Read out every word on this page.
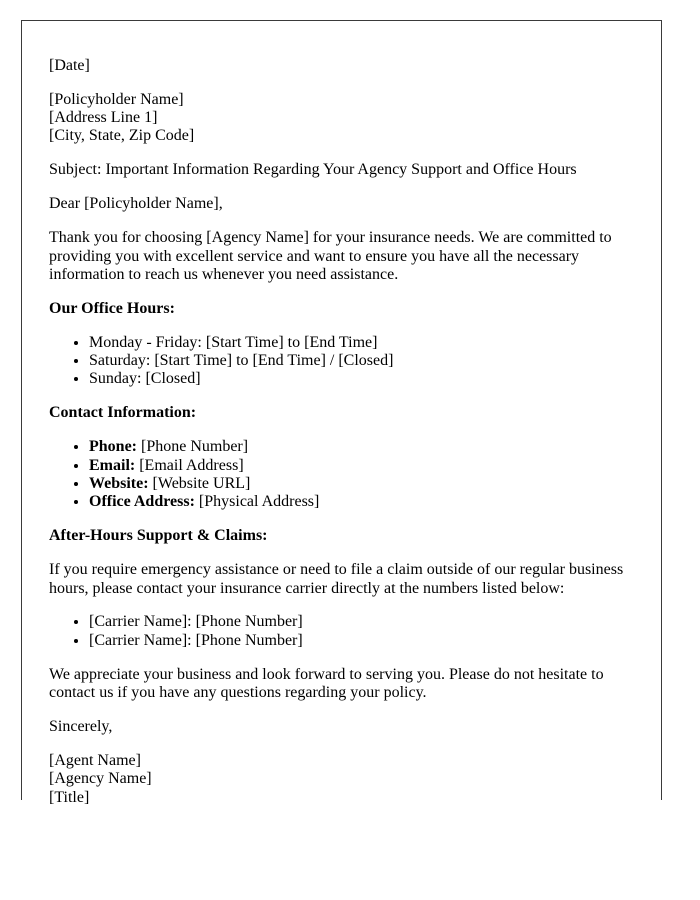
[Date]
[Policyholder Name]
[Address Line 1]
[City, State, Zip Code]
Subject: Important Information Regarding Your Agency Support and Office Hours
Dear [Policyholder Name],
Thank you for choosing [Agency Name] for your insurance needs. We are committed to providing you with excellent service and want to ensure you have all the necessary information to reach us whenever you need assistance.
Our Office Hours:
• Monday - Friday: [Start Time] to [End Time]
• Saturday: [Start Time] to [End Time] / [Closed]
• Sunday: [Closed]
Contact Information:
• Phone: [Phone Number]
• Email: [Email Address]
• Website: [Website URL]
• Office Address: [Physical Address]
After-Hours Support & Claims:
If you require emergency assistance or need to file a claim outside of our regular business hours, please contact your insurance carrier directly at the numbers listed below:
• [Carrier Name]: [Phone Number]
• [Carrier Name]: [Phone Number]
We appreciate your business and look forward to serving you. Please do not hesitate to contact us if you have any questions regarding your policy.
Sincerely,
[Agent Name]
[Agency Name]
[Title]
